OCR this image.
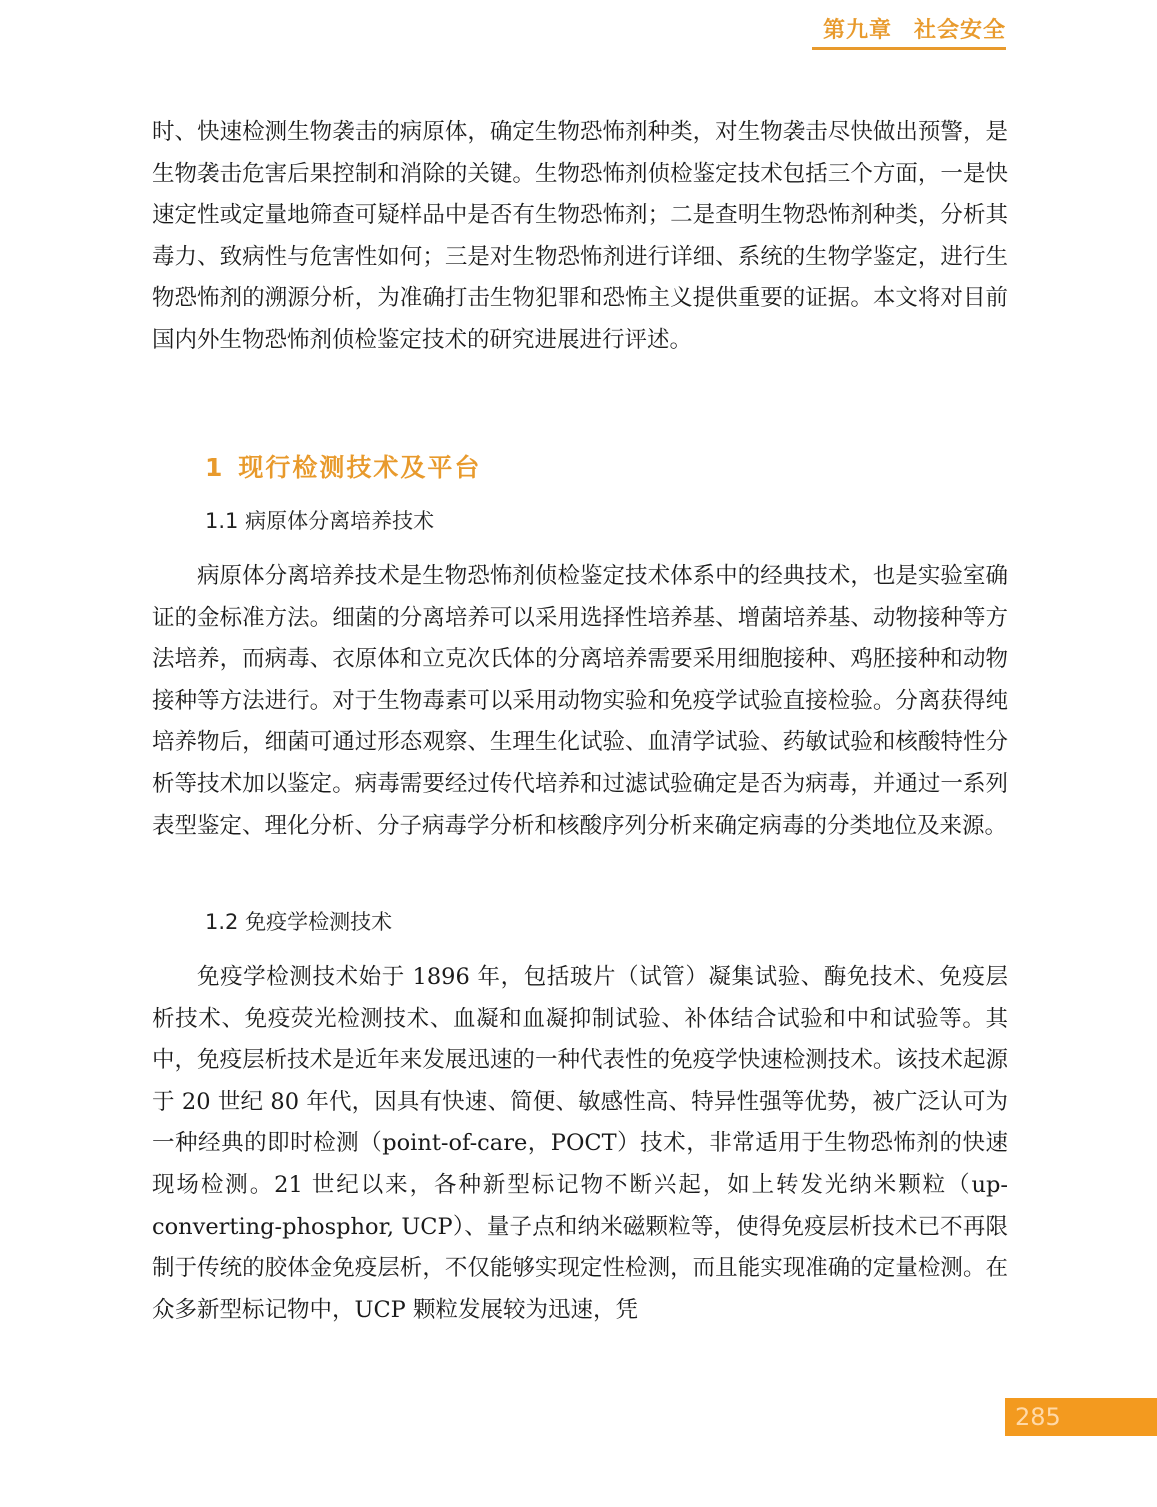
第九章 社会安全
时、快速检测生物袭击的病原体，确定生物恐怖剂种类，对生物袭击尽快做出预警，是生物袭击危害后果控制和消除的关键。生物恐怖剂侦检鉴定技术包括三个方面，一是快速定性或定量地筛查可疑样品中是否有生物恐怖剂；二是查明生物恐怖剂种类，分析其毒力、致病性与危害性如何；三是对生物恐怖剂进行详细、系统的生物学鉴定，进行生物恐怖剂的溯源分析，为准确打击生物犯罪和恐怖主义提供重要的证据。本文将对目前国内外生物恐怖剂侦检鉴定技术的研究进展进行评述。
1 现行检测技术及平台
1.1 病原体分离培养技术
病原体分离培养技术是生物恐怖剂侦检鉴定技术体系中的经典技术，也是实验室确证的金标准方法。细菌的分离培养可以采用选择性培养基、增菌培养基、动物接种等方法培养，而病毒、衣原体和立克次氏体的分离培养需要采用细胞接种、鸡胚接种和动物接种等方法进行。对于生物毒素可以采用动物实验和免疫学试验直接检验。分离获得纯培养物后，细菌可通过形态观察、生理生化试验、血清学试验、药敏试验和核酸特性分析等技术加以鉴定。病毒需要经过传代培养和过滤试验确定是否为病毒，并通过一系列表型鉴定、理化分析、分子病毒学分析和核酸序列分析来确定病毒的分类地位及来源。
1.2 免疫学检测技术
免疫学检测技术始于 1896 年，包括玻片（试管）凝集试验、酶免技术、免疫层析技术、免疫荧光检测技术、血凝和血凝抑制试验、补体结合试验和中和试验等。其中，免疫层析技术是近年来发展迅速的一种代表性的免疫学快速检测技术。该技术起源于 20 世纪 80 年代，因具有快速、简便、敏感性高、特异性强等优势，被广泛认可为一种经典的即时检测（point-of-care，POCT）技术，非常适用于生物恐怖剂的快速现场检测。21 世纪以来，各种新型标记物不断兴起，如上转发光纳米颗粒（up-converting-phosphor, UCP）、量子点和纳米磁颗粒等，使得免疫层析技术已不再限制于传统的胶体金免疫层析，不仅能够实现定性检测，而且能实现准确的定量检测。在众多新型标记物中，UCP 颗粒发展较为迅速，凭
285
